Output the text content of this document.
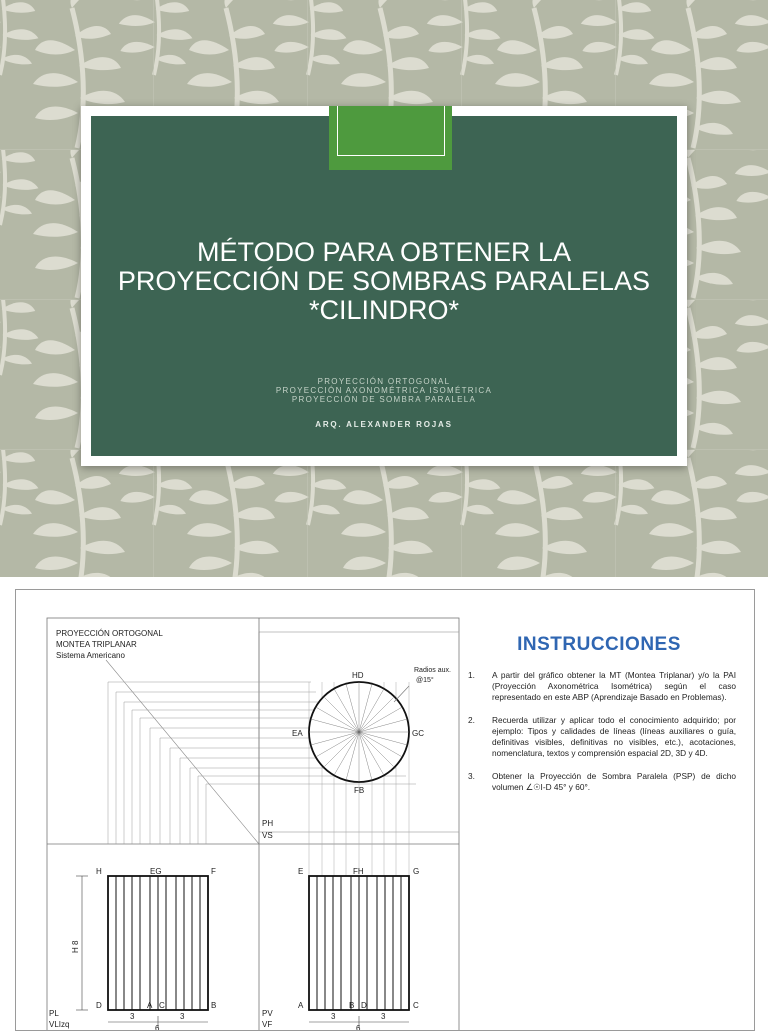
MÉTODO PARA OBTENER LA
PROYECCIÓN DE SOMBRAS PARALELAS
*CILINDRO*
PROYECCIÓN ORTOGONAL
PROYECCIÓN AXONOMÉTRICA ISOMÉTRICA
PROYECCIÓN DE SOMBRA PARALELA
ARQ. ALEXANDER ROJAS
PROYECCIÓN ORTOGONAL
MONTEA TRIPLANAR
Sistema Americano
HD
EA	GC
FB
Radios aux.
@15°
PH
VS
H	EG	F	E	FH	G
H 8
D	A C	B	A	B D	C
3	3
6
3	3
6
PL
VLIzq
PV
VF
INSTRUCCIONES
1. A partir del gráfico obtener la MT (Montea Triplanar) y/o la PAI (Proyección Axonométrica Isométrica) según el caso representado en este ABP (Aprendizaje Basado en Problemas).
2. Recuerda utilizar y aplicar todo el conocimiento adquirido; por ejemplo: Tipos y calidades de líneas (líneas auxiliares o guía, definitivas visibles, definitivas no visibles, etc.), acotaciones, nomenclatura, textos y comprensión espacial 2D, 3D y 4D.
3. Obtener la Proyección de Sombra Paralela (PSP) de dicho volumen ∠☉I-D 45° y 60°.
